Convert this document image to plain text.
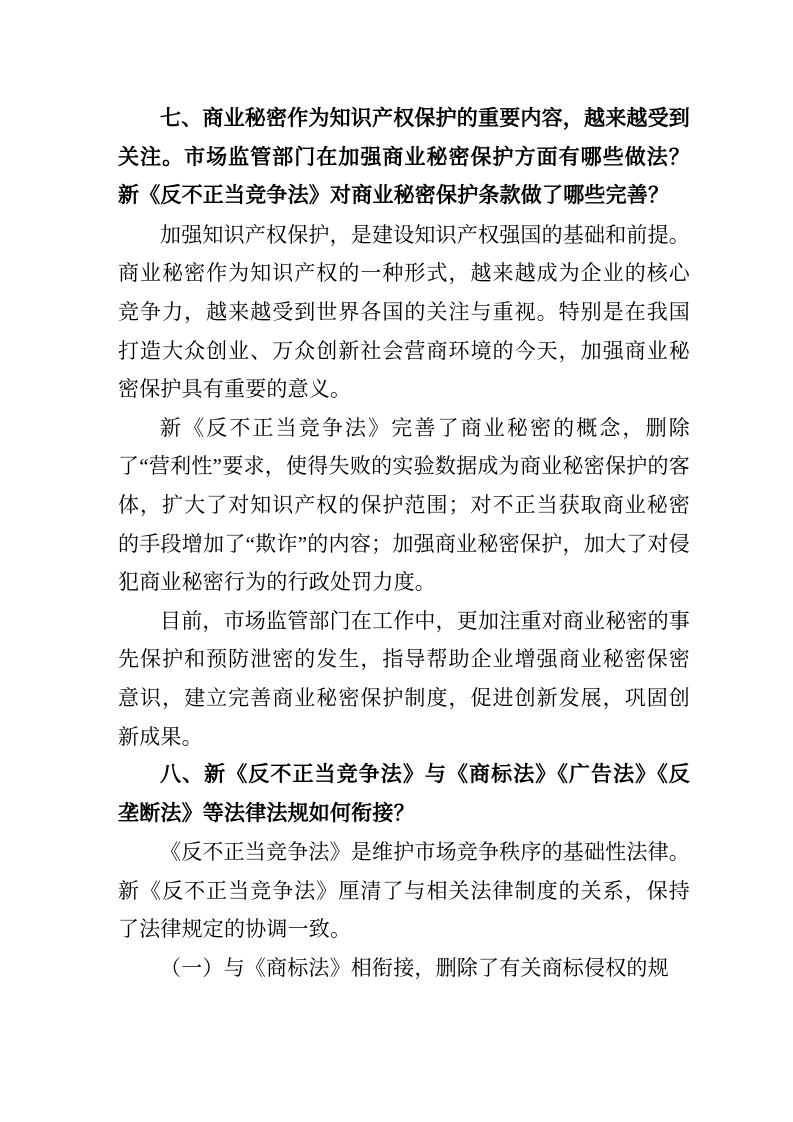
七、商业秘密作为知识产权保护的重要内容，越来越受到关注。市场监管部门在加强商业秘密保护方面有哪些做法？新《反不正当竞争法》对商业秘密保护条款做了哪些完善？

加强知识产权保护，是建设知识产权强国的基础和前提。商业秘密作为知识产权的一种形式，越来越成为企业的核心竞争力，越来越受到世界各国的关注与重视。特别是在我国打造大众创业、万众创新社会营商环境的今天，加强商业秘密保护具有重要的意义。

新《反不正当竞争法》完善了商业秘密的概念，删除了“营利性”要求，使得失败的实验数据成为商业秘密保护的客体，扩大了对知识产权的保护范围；对不正当获取商业秘密的手段增加了“欺诈”的内容；加强商业秘密保护，加大了对侵犯商业秘密行为的行政处罚力度。

目前，市场监管部门在工作中，更加注重对商业秘密的事先保护和预防泄密的发生，指导帮助企业增强商业秘密保密意识，建立完善商业秘密保护制度，促进创新发展，巩固创新成果。

八、新《反不正当竞争法》与《商标法》《广告法》《反垄断法》等法律法规如何衔接？

《反不正当竞争法》是维护市场竞争秩序的基础性法律。新《反不正当竞争法》厘清了与相关法律制度的关系，保持了法律规定的协调一致。

（一）与《商标法》相衔接，删除了有关商标侵权的规
